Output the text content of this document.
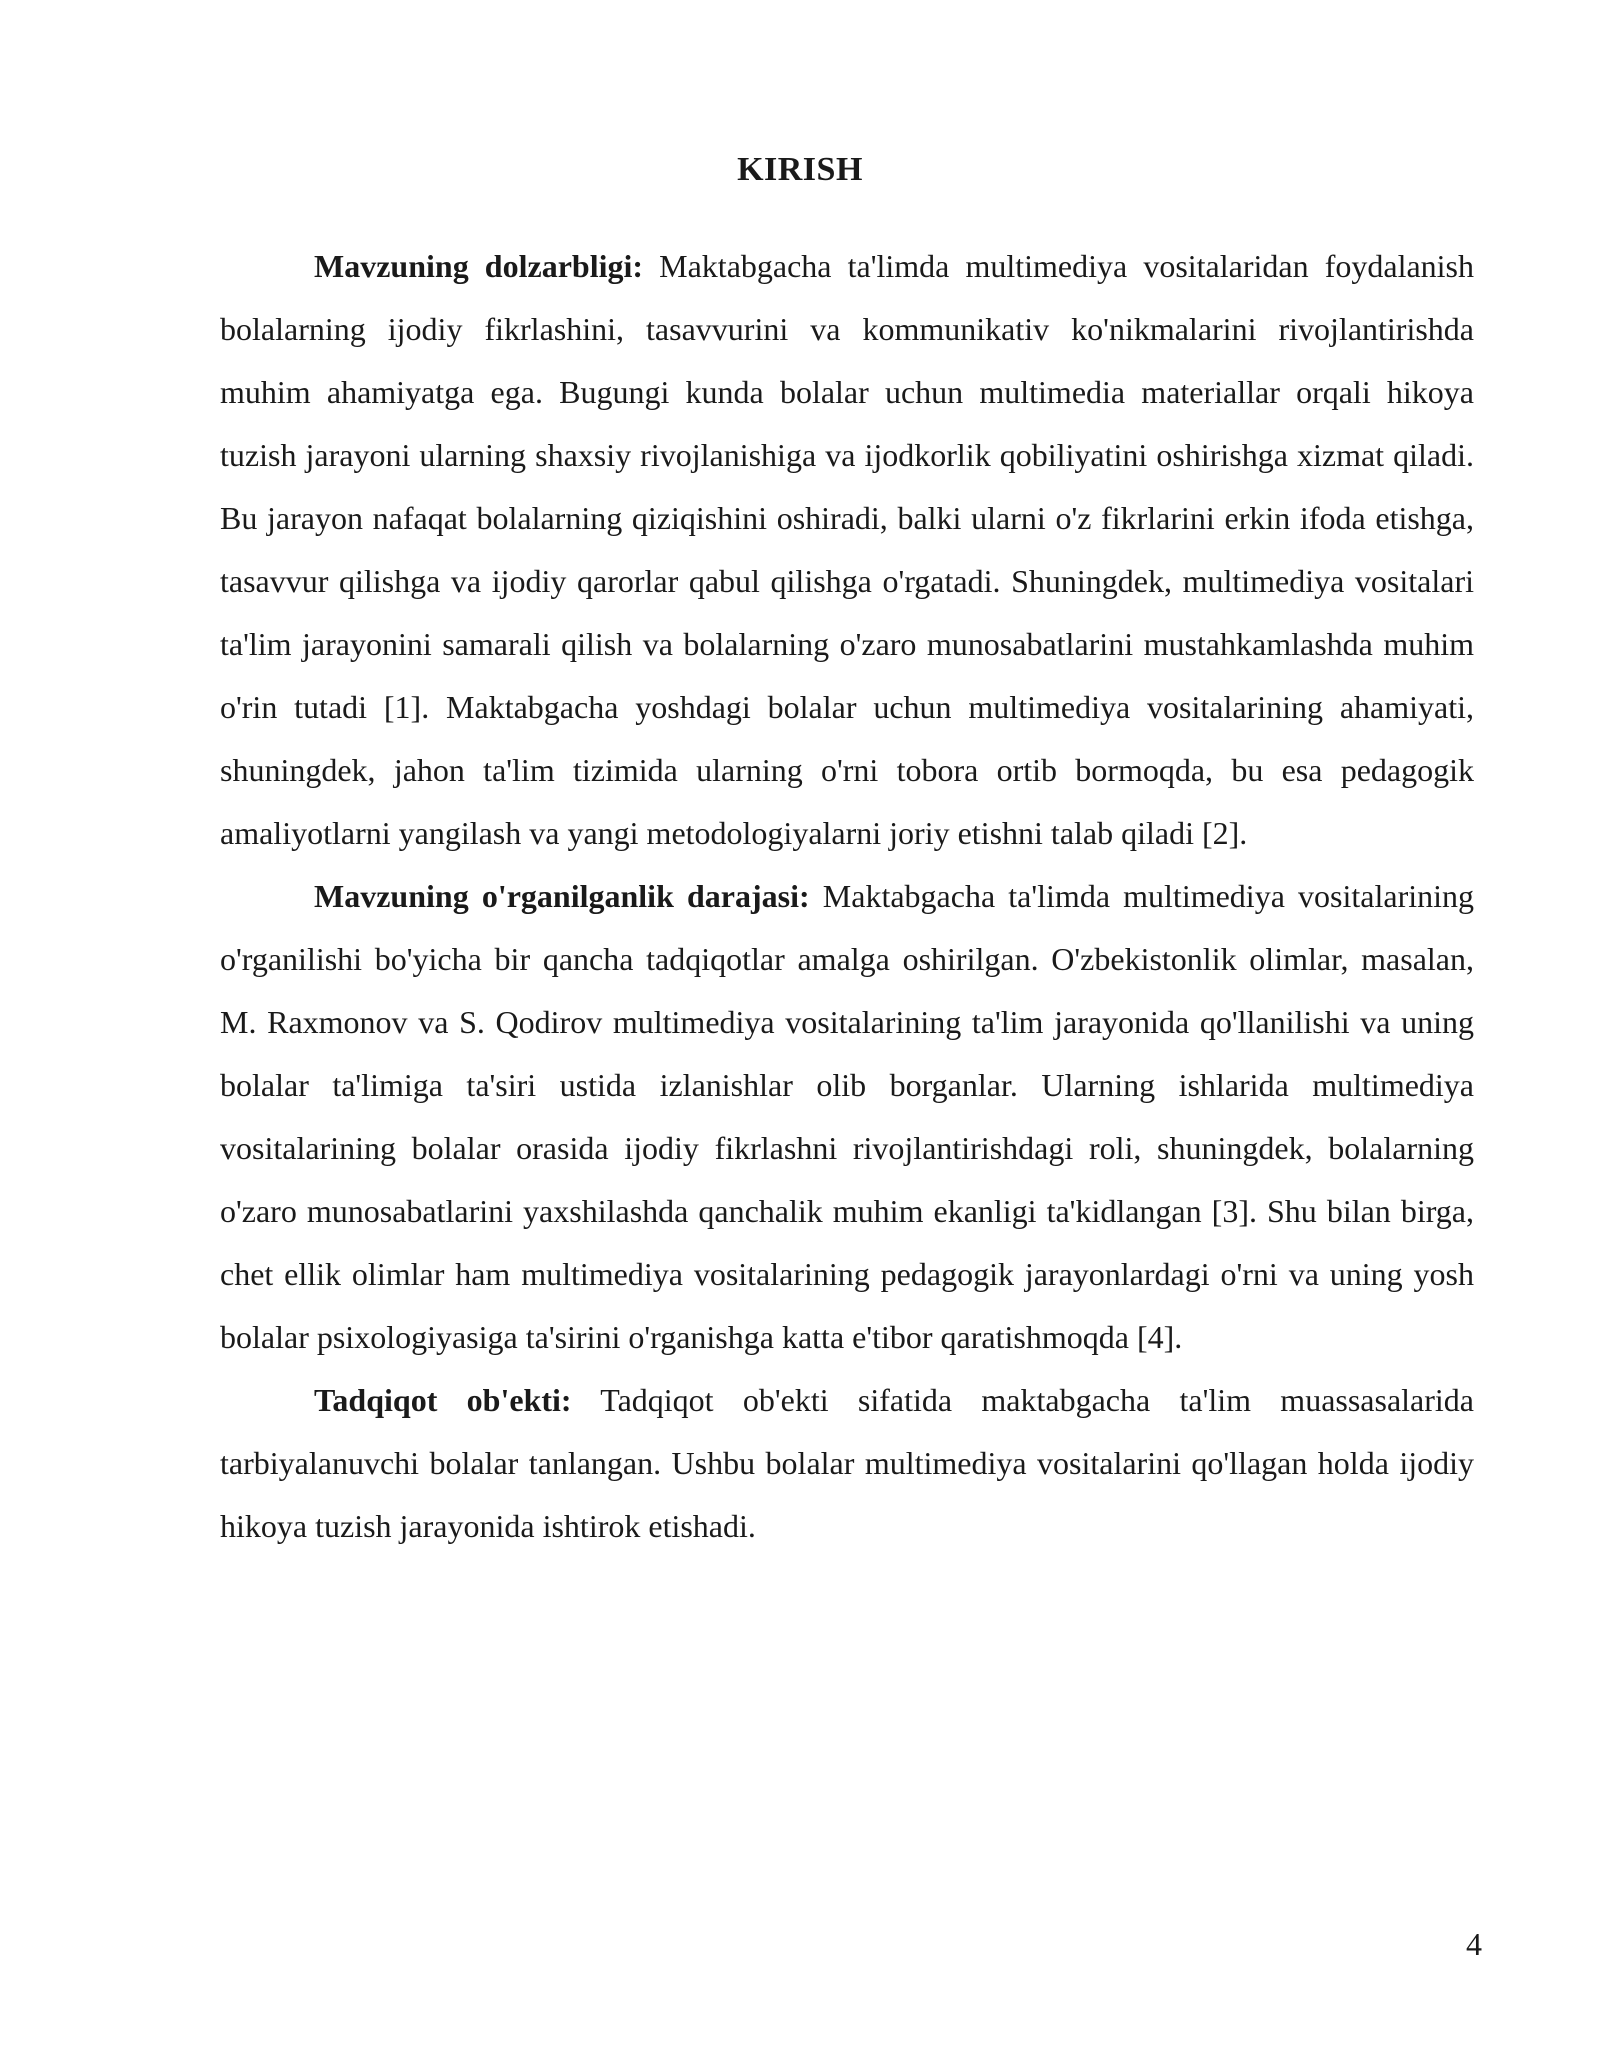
KIRISH

Mavzuning dolzarbligi: Maktabgacha ta'limda multimediya vositalaridan foydalanish bolalarning ijodiy fikrlashini, tasavvurini va kommunikativ ko'nikmalarini rivojlantirishda muhim ahamiyatga ega. Bugungi kunda bolalar uchun multimedia materiallar orqali hikoya tuzish jarayoni ularning shaxsiy rivojlanishiga va ijodkorlik qobiliyatini oshirishga xizmat qiladi. Bu jarayon nafaqat bolalarning qiziqishini oshiradi, balki ularni o'z fikrlarini erkin ifoda etishga, tasavvur qilishga va ijodiy qarorlar qabul qilishga o'rgatadi. Shuningdek, multimediya vositalari ta'lim jarayonini samarali qilish va bolalarning o'zaro munosabatlarini mustahkamlashda muhim o'rin tutadi [1]. Maktabgacha yoshdagi bolalar uchun multimediya vositalarining ahamiyati, shuningdek, jahon ta'lim tizimida ularning o'rni tobora ortib bormoqda, bu esa pedagogik amaliyotlarni yangilash va yangi metodologiyalarni joriy etishni talab qiladi [2].

Mavzuning o'rganilganlik darajasi: Maktabgacha ta'limda multimediya vositalarining o'rganilishi bo'yicha bir qancha tadqiqotlar amalga oshirilgan. O'zbekistonlik olimlar, masalan, M. Raxmonov va S. Qodirov multimediya vositalarining ta'lim jarayonida qo'llanilishi va uning bolalar ta'limiga ta'siri ustida izlanishlar olib borganlar. Ularning ishlarida multimediya vositalarining bolalar orasida ijodiy fikrlashni rivojlantirishdagi roli, shuningdek, bolalarning o'zaro munosabatlarini yaxshilashda qanchalik muhim ekanligi ta'kidlangan [3]. Shu bilan birga, chet ellik olimlar ham multimediya vositalarining pedagogik jarayonlardagi o'rni va uning yosh bolalar psixologiyasiga ta'sirini o'rganishga katta e'tibor qaratishmoqda [4].

Tadqiqot ob'ekti: Tadqiqot ob'ekti sifatida maktabgacha ta'lim muassasalarida tarbiyalanuvchi bolalar tanlangan. Ushbu bolalar multimediya vositalarini qo'llagan holda ijodiy hikoya tuzish jarayonida ishtirok etishadi.

4
